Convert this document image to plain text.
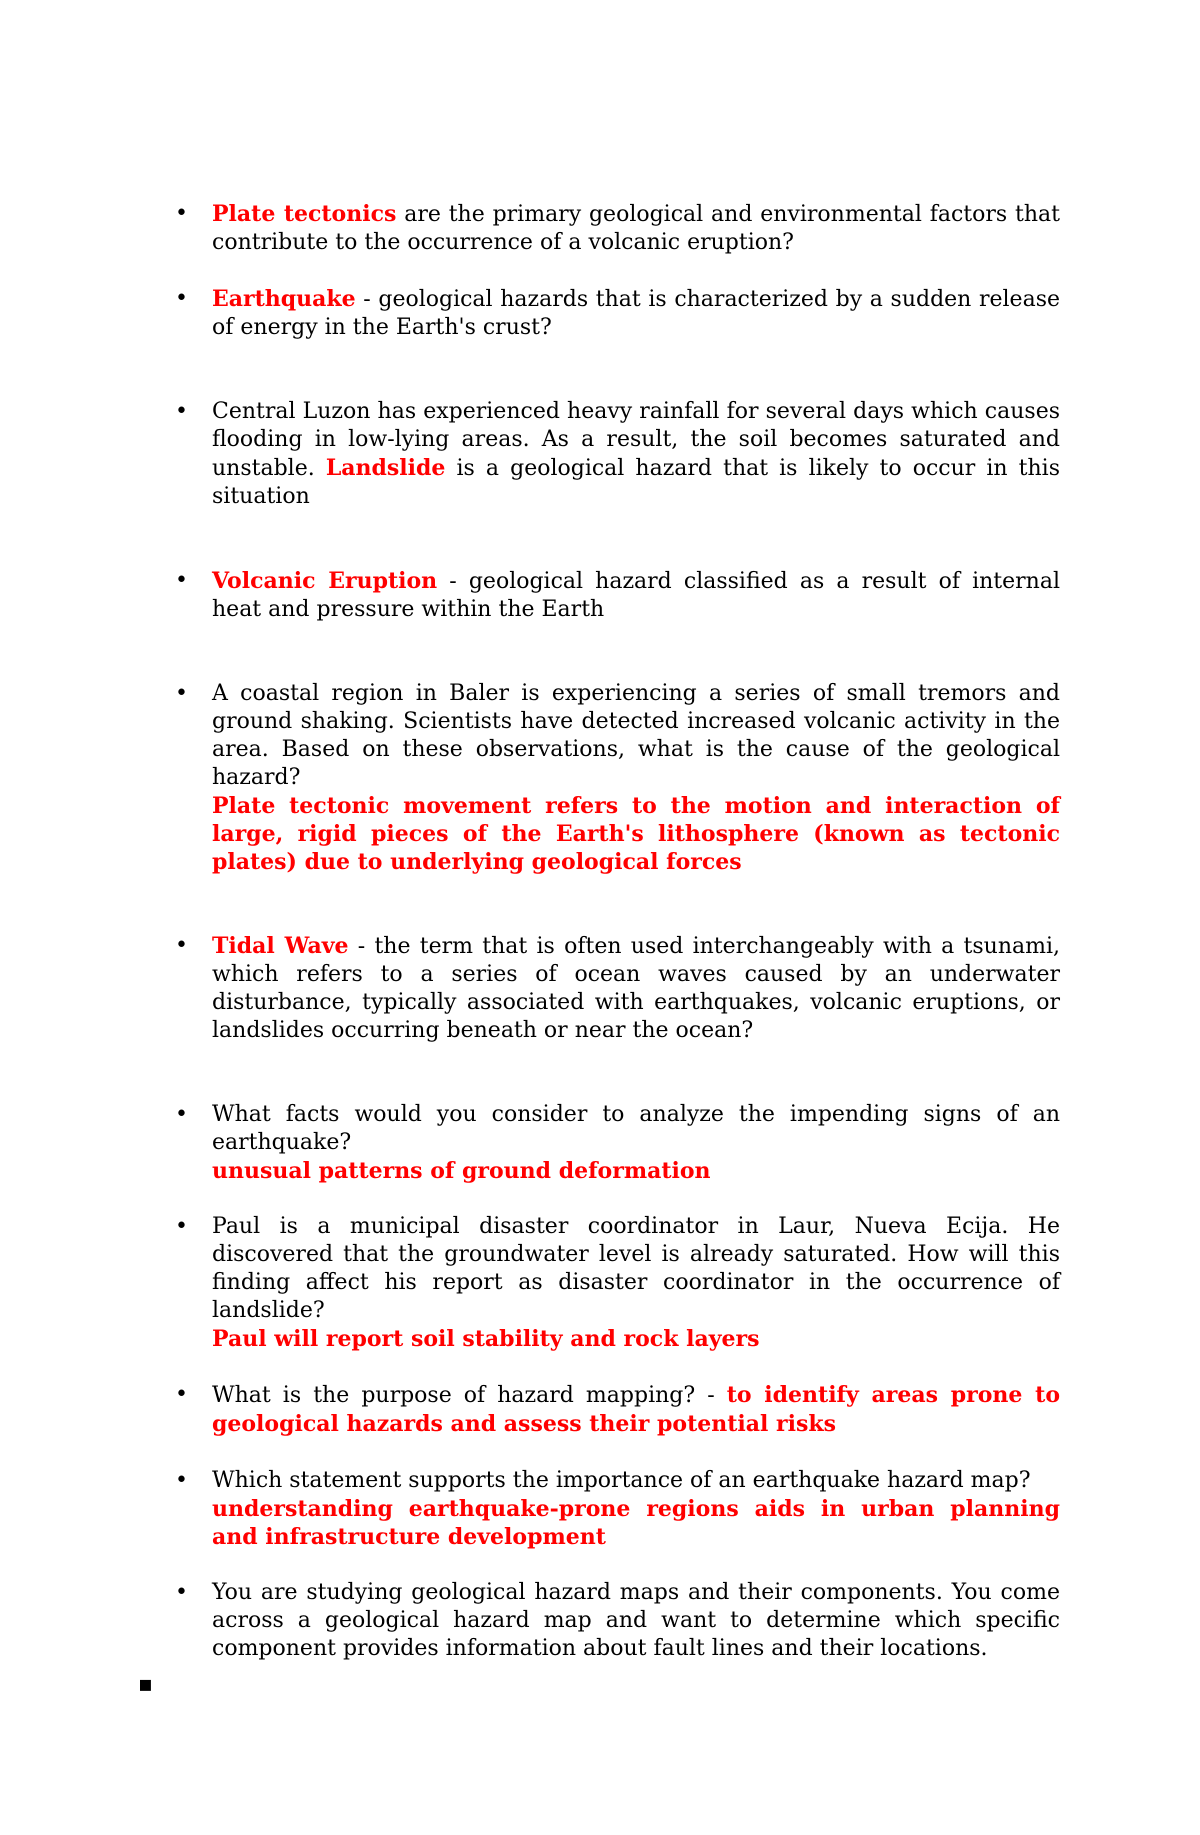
•	Plate tectonics are the primary geological and environmental factors that contribute to the occurrence of a volcanic eruption?
•	Earthquake - geological hazards that is characterized by a sudden release of energy in the Earth's crust?
•	Central Luzon has experienced heavy rainfall for several days which causes flooding in low-lying areas. As a result, the soil becomes saturated and unstable. Landslide is a geological hazard that is likely to occur in this situation
•	Volcanic Eruption - geological hazard classified as a result of internal heat and pressure within the Earth
•	A coastal region in Baler is experiencing a series of small tremors and ground shaking. Scientists have detected increased volcanic activity in the area. Based on these observations, what is the cause of the geological hazard?
Plate tectonic movement refers to the motion and interaction of large, rigid pieces of the Earth's lithosphere (known as tectonic plates) due to underlying geological forces
•	Tidal Wave - the term that is often used interchangeably with a tsunami, which refers to a series of ocean waves caused by an underwater disturbance, typically associated with earthquakes, volcanic eruptions, or landslides occurring beneath or near the ocean?
•	What facts would you consider to analyze the impending signs of an earthquake?
unusual patterns of ground deformation
•	Paul is a municipal disaster coordinator in Laur, Nueva Ecija. He discovered that the groundwater level is already saturated. How will this finding affect his report as disaster coordinator in the occurrence of landslide?
Paul will report soil stability and rock layers
•	What is the purpose of hazard mapping? - to identify areas prone to geological hazards and assess their potential risks
•	Which statement supports the importance of an earthquake hazard map?
understanding earthquake-prone regions aids in urban planning and infrastructure development
•	You are studying geological hazard maps and their components. You come across a geological hazard map and want to determine which specific component provides information about fault lines and their locations.
▪
